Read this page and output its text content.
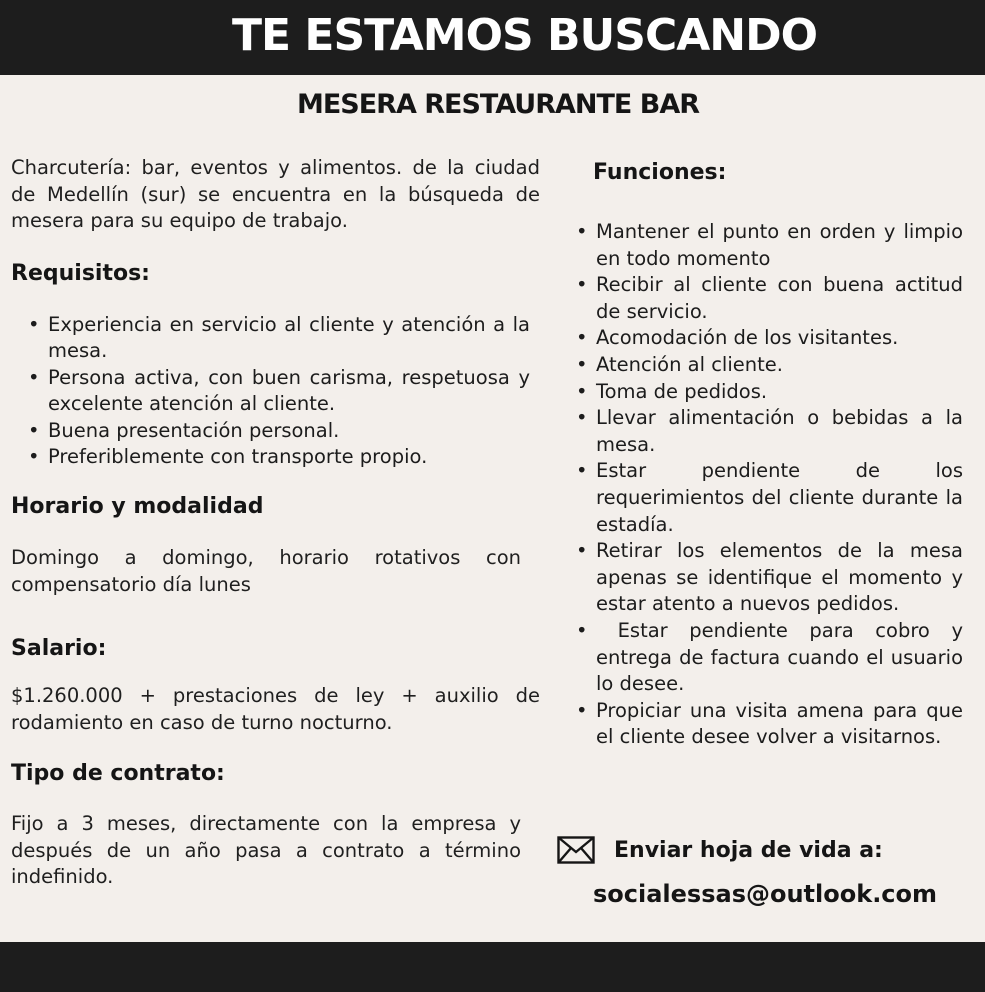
TE ESTAMOS BUSCANDO
MESERA RESTAURANTE BAR

Charcutería: bar, eventos y alimentos. de la ciudad de Medellín (sur) se encuentra en la búsqueda de mesera para su equipo de trabajo.

Requisitos:
• Experiencia en servicio al cliente y atención a la mesa.
• Persona activa, con buen carisma, respetuosa y excelente atención al cliente.
• Buena presentación personal.
• Preferiblemente con transporte propio.
Horario y modalidad

Domingo a domingo, horario rotativos con compensatorio día lunes

Salario:

$1.260.000 + prestaciones de ley + auxilio de rodamiento en caso de turno nocturno.

Tipo de contrato:

Fijo a 3 meses, directamente con la empresa y después de un año pasa a contrato a término indefinido.

Funciones:
• Mantener el punto en orden y limpio en todo momento
• Recibir al cliente con buena actitud de servicio.
• Acomodación de los visitantes.
• Atención al cliente.
• Toma de pedidos.
• Llevar alimentación o bebidas a la mesa.
• Estar pendiente de los requerimientos del cliente durante la estadía.
• Retirar los elementos de la mesa apenas se identifique el momento y estar atento a nuevos pedidos.
•  Estar pendiente para cobro y entrega de factura cuando el usuario lo desee.
• Propiciar una visita amena para que el cliente desee volver a visitarnos.
Enviar hoja de vida a:
socialessas@outlook.com
